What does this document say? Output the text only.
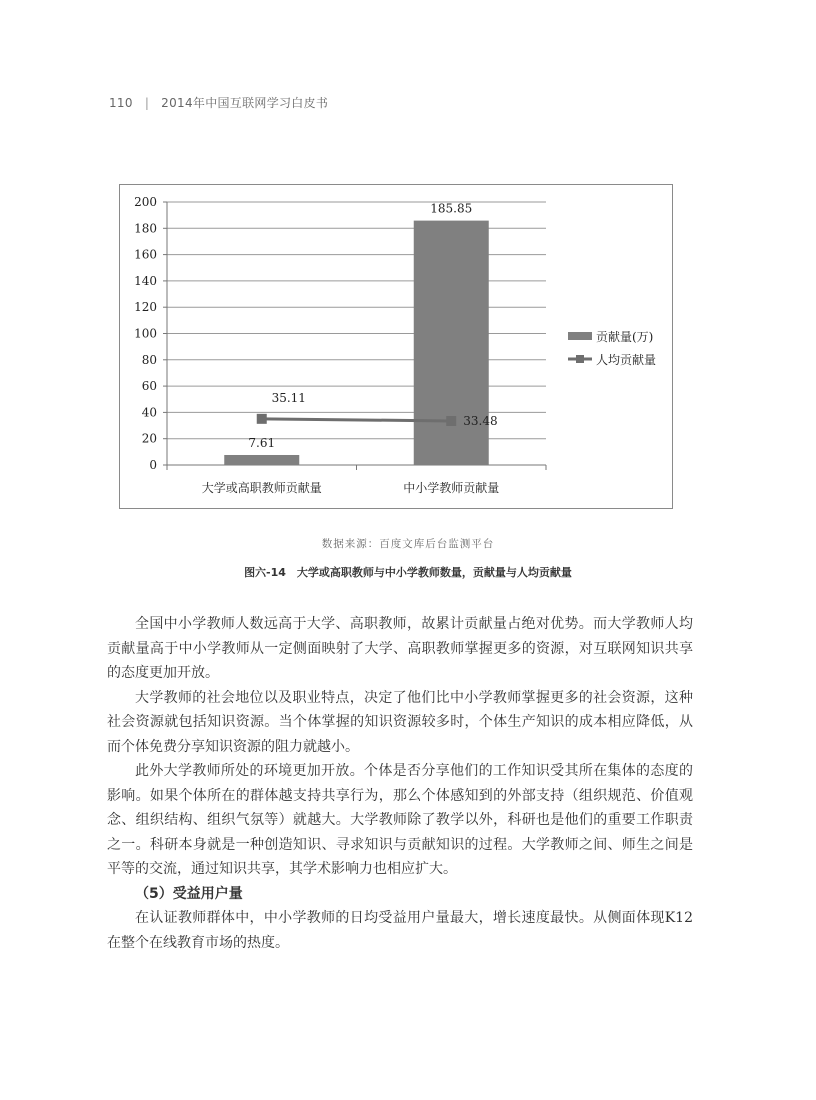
110 | 2014年中国互联网学习白皮书
0
20
40
60
80
100
120
140
160
180
200
7.61
大学或高职教师贡献量
185.85
中小学教师贡献量
35.11
33.48
贡献量(万)
人均贡献量
数据来源：百度文库后台监测平台
图六-14　大学或高职教师与中小学教师数量，贡献量与人均贡献量

全国中小学教师人数远高于大学、高职教师，故累计贡献量占绝对优势。而大学教师人均贡献量高于中小学教师从一定侧面映射了大学、高职教师掌握更多的资源，对互联网知识共享的态度更加开放。

大学教师的社会地位以及职业特点，决定了他们比中小学教师掌握更多的社会资源，这种社会资源就包括知识资源。当个体掌握的知识资源较多时，个体生产知识的成本相应降低，从而个体免费分享知识资源的阻力就越小。

此外大学教师所处的环境更加开放。个体是否分享他们的工作知识受其所在集体的态度的影响。如果个体所在的群体越支持共享行为，那么个体感知到的外部支持（组织规范、价值观念、组织结构、组织气氛等）就越大。大学教师除了教学以外，科研也是他们的重要工作职责之一。科研本身就是一种创造知识、寻求知识与贡献知识的过程。大学教师之间、师生之间是平等的交流，通过知识共享，其学术影响力也相应扩大。

（5）受益用户量

在认证教师群体中，中小学教师的日均受益用户量最大，增长速度最快。从侧面体现K12在整个在线教育市场的热度。
